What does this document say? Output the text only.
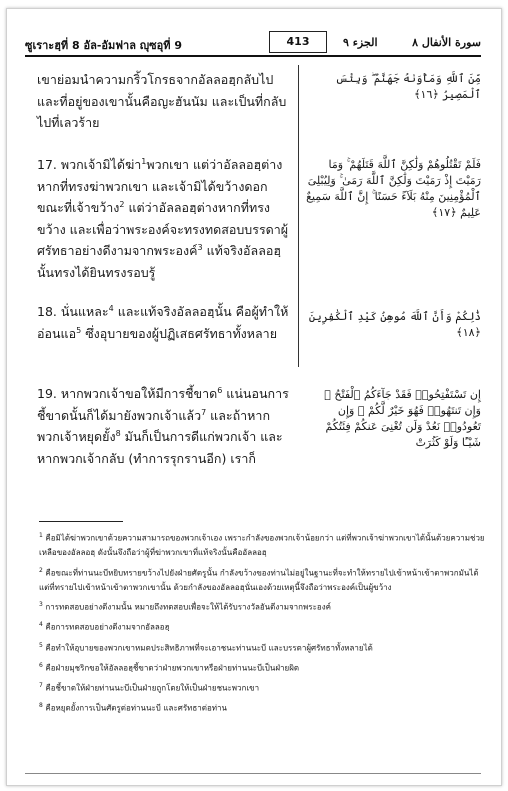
ซูเราะฮฺที่ 8 อัล-อัมฟาล ญุซอุที่ 9	413	الجزء ٩	سورة الأنفال ٨
เขาย่อมนำความกริ้วโกรธจากอัลลอฮฺกลับไป และที่อยู่ของเขานั้นคือญะฮันนัม และเป็นที่กลับไปที่เลวร้าย
مِّنَ ٱللَّهِ وَمَأْوَىٰهُ جَهَنَّمُ ۖ وَبِئْسَ ٱلْمَصِيرُ ﴿١٦﴾
17. พวกเจ้ามิได้ฆ่า$^1$พวกเขา แต่ว่าอัลลอฮฺต่างหากที่ทรงฆ่าพวกเขา และเจ้ามิได้ขว้างดอกขณะที่เจ้าขว้าง$^2$ แต่ว่าอัลลอฮฺต่างหากที่ทรงขว้าง และเพื่อว่าพระองค์จะทรงทดสอบบรรดาผู้ศรัทธาอย่างดีงามจากพระองค์$^3$ แท้จริงอัลลอฮฺนั้นทรงได้ยินทรงรอบรู้
فَلَمْ تَقْتُلُوهُمْ وَلَٰكِنَّ ٱللَّهَ قَتَلَهُمْ ۚ وَمَا رَمَيْتَ إِذْ رَمَيْتَ وَلَٰكِنَّ ٱللَّهَ رَمَىٰ ۚ وَلِيُبْلِىَ ٱلْمُؤْمِنِينَ مِنْهُ بَلَآءً حَسَنًا ۚ إِنَّ ٱللَّهَ سَمِيعٌ عَلِيمٌ ﴿١٧﴾
18. นั่นแหละ$^4$ และแท้จริงอัลลอฮฺนั้น คือผู้ทำให้อ่อนแอ$^5$ ซึ่งอุบายของผู้ปฏิเสธศรัทธาทั้งหลาย
ذَٰلِكُمْ وَأَنَّ ٱللَّهَ مُوهِنُ كَيْدِ ٱلْكَٰفِرِينَ ﴿١٨﴾
19. หากพวกเจ้าขอให้มีการชี้ขาด$^6$ แน่นอนการชี้ขาดนั้นก็ได้มายังพวกเจ้าแล้ว$^7$ และถ้าหากพวกเจ้าหยุดยั้ง$^8$ มันก็เป็นการดีแก่พวกเจ้า และหากพวกเจ้ากลับ (ทำการรุกรานอีก) เราก็
إِن تَسْتَفْتِحُوا۟ فَقَدْ جَآءَكُمُ ٱلْفَتْحُ ۖ وَإِن تَنتَهُوا۟ فَهُوَ خَيْرٌ لَّكُمْ ۖ وَإِن تَعُودُوا۟ نَعُدْ وَلَن تُغْنِىَ عَنكُمْ فِئَتُكُمْ شَيْـًٔا وَلَوْ كَثُرَتْ
$^1$ คือมิได้ฆ่าพวกเขาด้วยความสามารถของพวกเจ้าเอง เพราะกำลังของพวกเจ้าน้อยกว่า แต่ที่พวกเจ้าฆ่าพวกเขาได้นั้นด้วยความช่วยเหลือของอัลลอฮฺ ดังนั้นจึงถือว่าผู้ที่ฆ่าพวกเขาที่แท้จริงนั้นคืออัลลอฮฺ
$^2$ คือขณะที่ท่านนะบีหยิบทรายขว้างไปยังฝ่ายศัตรูนั้น กำลังขว้างของท่านไม่อยู่ในฐานะที่จะทำให้ทรายไปเข้าหน้าเข้าตาพวกมันได้ แต่ที่ทรายไปเข้าหน้าเข้าตาพวกเขานั้น ด้วยกำลังของอัลลอฮฺนั่นเองด้วยเหตุนี้จึงถือว่าพระองค์เป็นผู้ขว้าง
$^3$ การทดสอบอย่างดีงามนั้น หมายถึงทดสอบเพื่อจะให้ได้รับรางวัลอันดีงามจากพระองค์
$^4$ คือการทดสอบอย่างดีงามจากอัลลอฮฺ
$^5$ คือทำให้อุบายของพวกเขาหมดประสิทธิภาพที่จะเอาชนะท่านนะบี และบรรดาผู้ศรัทธาทั้งหลายได้
$^6$ คือฝ่ายมุชริกขอให้อัลลอฮฺชี้ขาดว่าฝ่ายพวกเขาหรือฝ่ายท่านนะบีเป็นฝ่ายผิด
$^7$ คือชี้ขาดให้ฝ่ายท่านนะบีเป็นฝ่ายถูกโดยให้เป็นฝ่ายชนะพวกเขา
$^8$ คือหยุดยั้งการเป็นศัตรูต่อท่านนะบี และศรัทธาต่อท่าน
